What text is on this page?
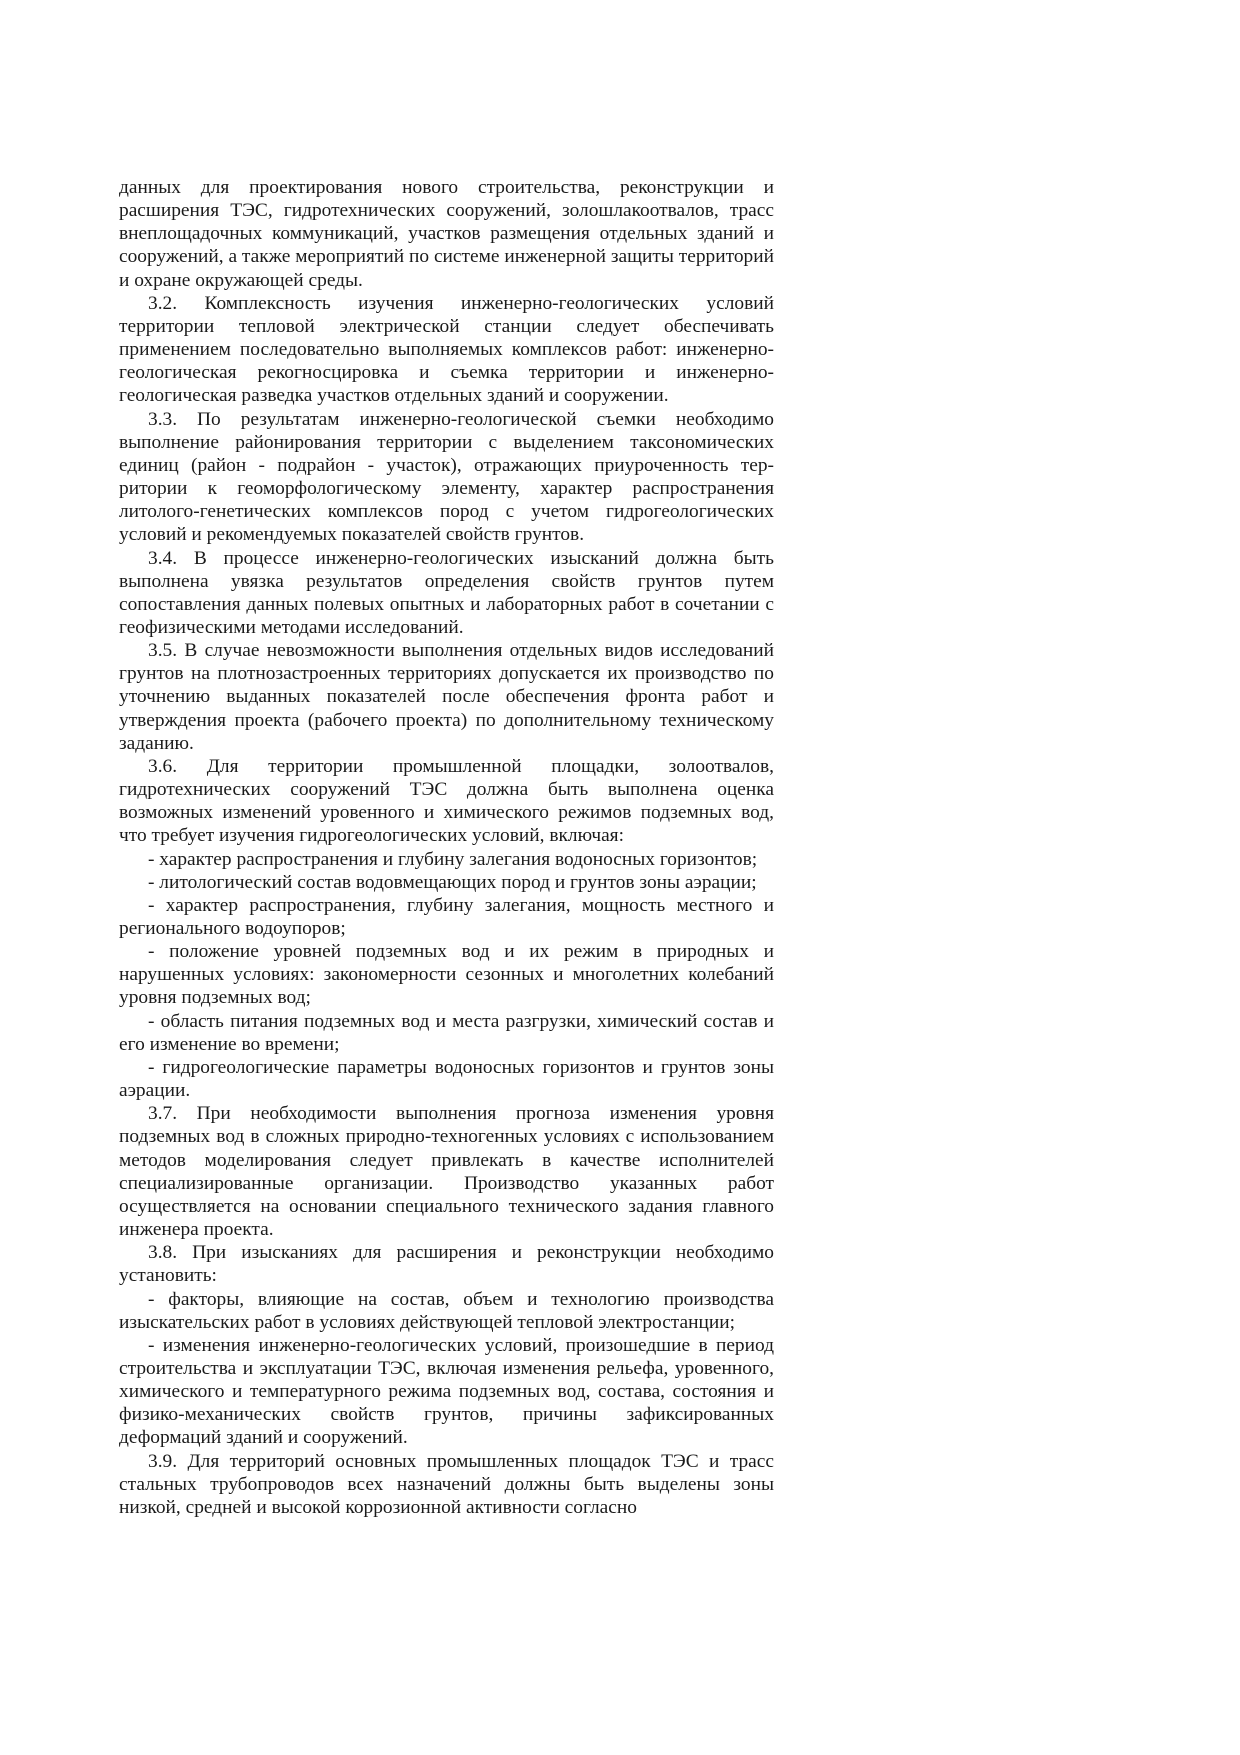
данных для проектирования нового строительства, реконструкции и расширения ТЭС, гидротехнических сооружений, золошлакоотвалов, трасс внеплощадочных коммуникаций, участков размещения отдельных зданий и сооружений, а также мероприятий по системе инженерной защиты территорий и охране окружающей среды.

3.2. Комплексность изучения инженерно-геологических условий территории тепловой электрической станции следует обеспечивать применением последовательно выполняемых комплексов работ: инженерно-геологическая рекогносцировка и съемка территории и инженерно-геологическая разведка участков отдельных зданий и сооружении.

3.3. По результатам инженерно-геологической съемки необходимо выполнение районирования территории с выделением таксономических единиц (район - подрайон - участок), отражающих приуроченность территории к геоморфологическому элементу, характер распространения литолого-генетических комплексов пород с учетом гидрогеологических условий и рекомендуемых показателей свойств грунтов.

3.4. В процессе инженерно-геологических изысканий должна быть выполнена увязка результатов определения свойств грунтов путем сопоставления данных полевых опытных и лабораторных работ в сочетании с геофизическими методами исследований.

3.5. В случае невозможности выполнения отдельных видов исследований грунтов на плотнозастроенных территориях допускается их производство по уточнению выданных показателей после обеспечения фронта работ и утверждения проекта (рабочего проекта) по дополнительному техническому заданию.

3.6. Для территории промышленной площадки, золоотвалов, гидротехнических сооружений ТЭС должна быть выполнена оценка возможных изменений уровенного и химического режимов подземных вод, что требует изучения гидрогеологических условий, включая:

- характер распространения и глубину залегания водоносных горизонтов;

- литологический состав водовмещающих пород и грунтов зоны аэрации;

- характер распространения, глубину залегания, мощность местного и регионального водоупоров;

- положение уровней подземных вод и их режим в природных и нарушенных условиях: закономерности сезонных и многолетних колебаний уровня подземных вод;

- область питания подземных вод и места разгрузки, химический состав и его изменение во времени;

- гидрогеологические параметры водоносных горизонтов и грунтов зоны аэрации.

3.7. При необходимости выполнения прогноза изменения уровня подземных вод в сложных природно-техногенных условиях с использованием методов моделирования следует привлекать в качестве исполнителей специализированные организации. Производство указанных работ осуществляется на основании специального технического задания главного инженера проекта.

3.8. При изысканиях для расширения и реконструкции необходимо установить:

- факторы, влияющие на состав, объем и технологию производства изыскательских работ в условиях действующей тепловой электростанции;

- изменения инженерно-геологических условий, произошедшие в период строительства и эксплуатации ТЭС, включая изменения рельефа, уровенного, химического и температурного режима подземных вод, состава, состояния и физико-механических свойств грунтов, причины зафиксированных деформаций зданий и сооружений.

3.9. Для территорий основных промышленных площадок ТЭС и трасс стальных трубопроводов всех назначений должны быть выделены зоны низкой, средней и высокой коррозионной активности согласно
